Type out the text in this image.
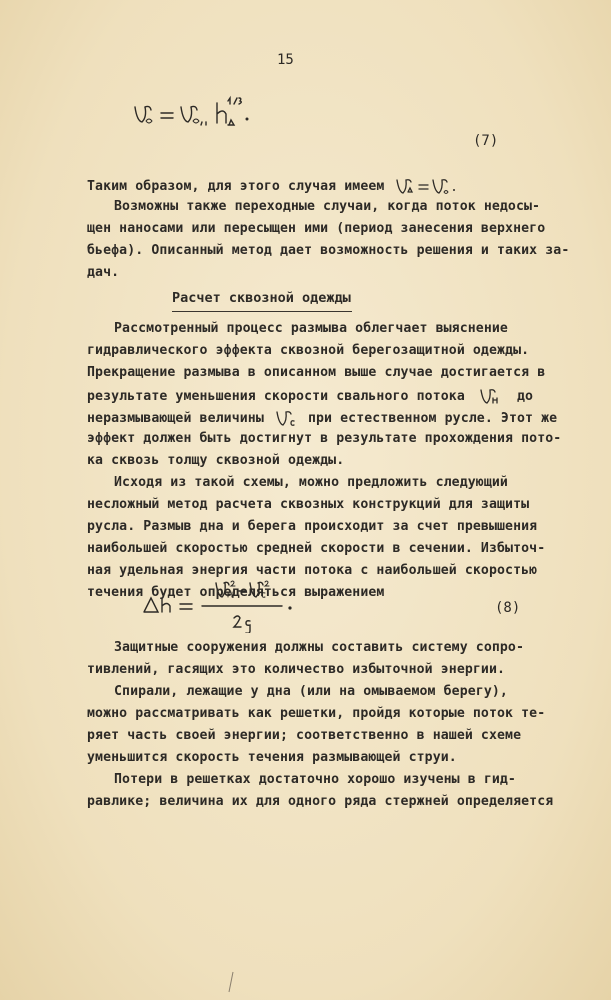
15
(7)
Таким образом, для этого случая имеем
Возможны также переходные случаи, когда поток недосы-
щен наносами или пересыщен ими (период занесения верхнего
бьефа). Описанный метод дает возможность решения и таких за-
дач.
Расчет сквозной одежды
Рассмотренный процесс размыва облегчает выяснение
гидравлического эффекта сквозной берегозащитной одежды.
Прекращение размыва в описанном выше случае достигается в
результате уменьшения скорости свального потока	до
неразмывающей величины	при естественном русле. Этот же
эффект должен быть достигнут в результате прохождения пото-
ка сквозь толщу сквозной одежды.
Исходя из такой схемы, можно предложить следующий
несложный метод расчета сквозных конструкций для защиты
русла. Размыв дна и берега происходит за счет превышения
наибольшей скоростью средней скорости в сечении. Избыточ-
ная удельная энергия части потока с наибольшей скоростью
течения будет определяться выражением
(8)
Защитные сооружения должны составить систему сопро-
тивлений, гасящих это количество избыточной энергии.
Спирали, лежащие у дна (или на омываемом берегу),
можно рассматривать как решетки, пройдя которые поток те-
ряет часть своей энергии; соответственно в нашей схеме
уменьшится скорость течения размывающей струи.
Потери в решетках достаточно хорошо изучены в гид-
равлике; величина их для одного ряда стержней определяется
